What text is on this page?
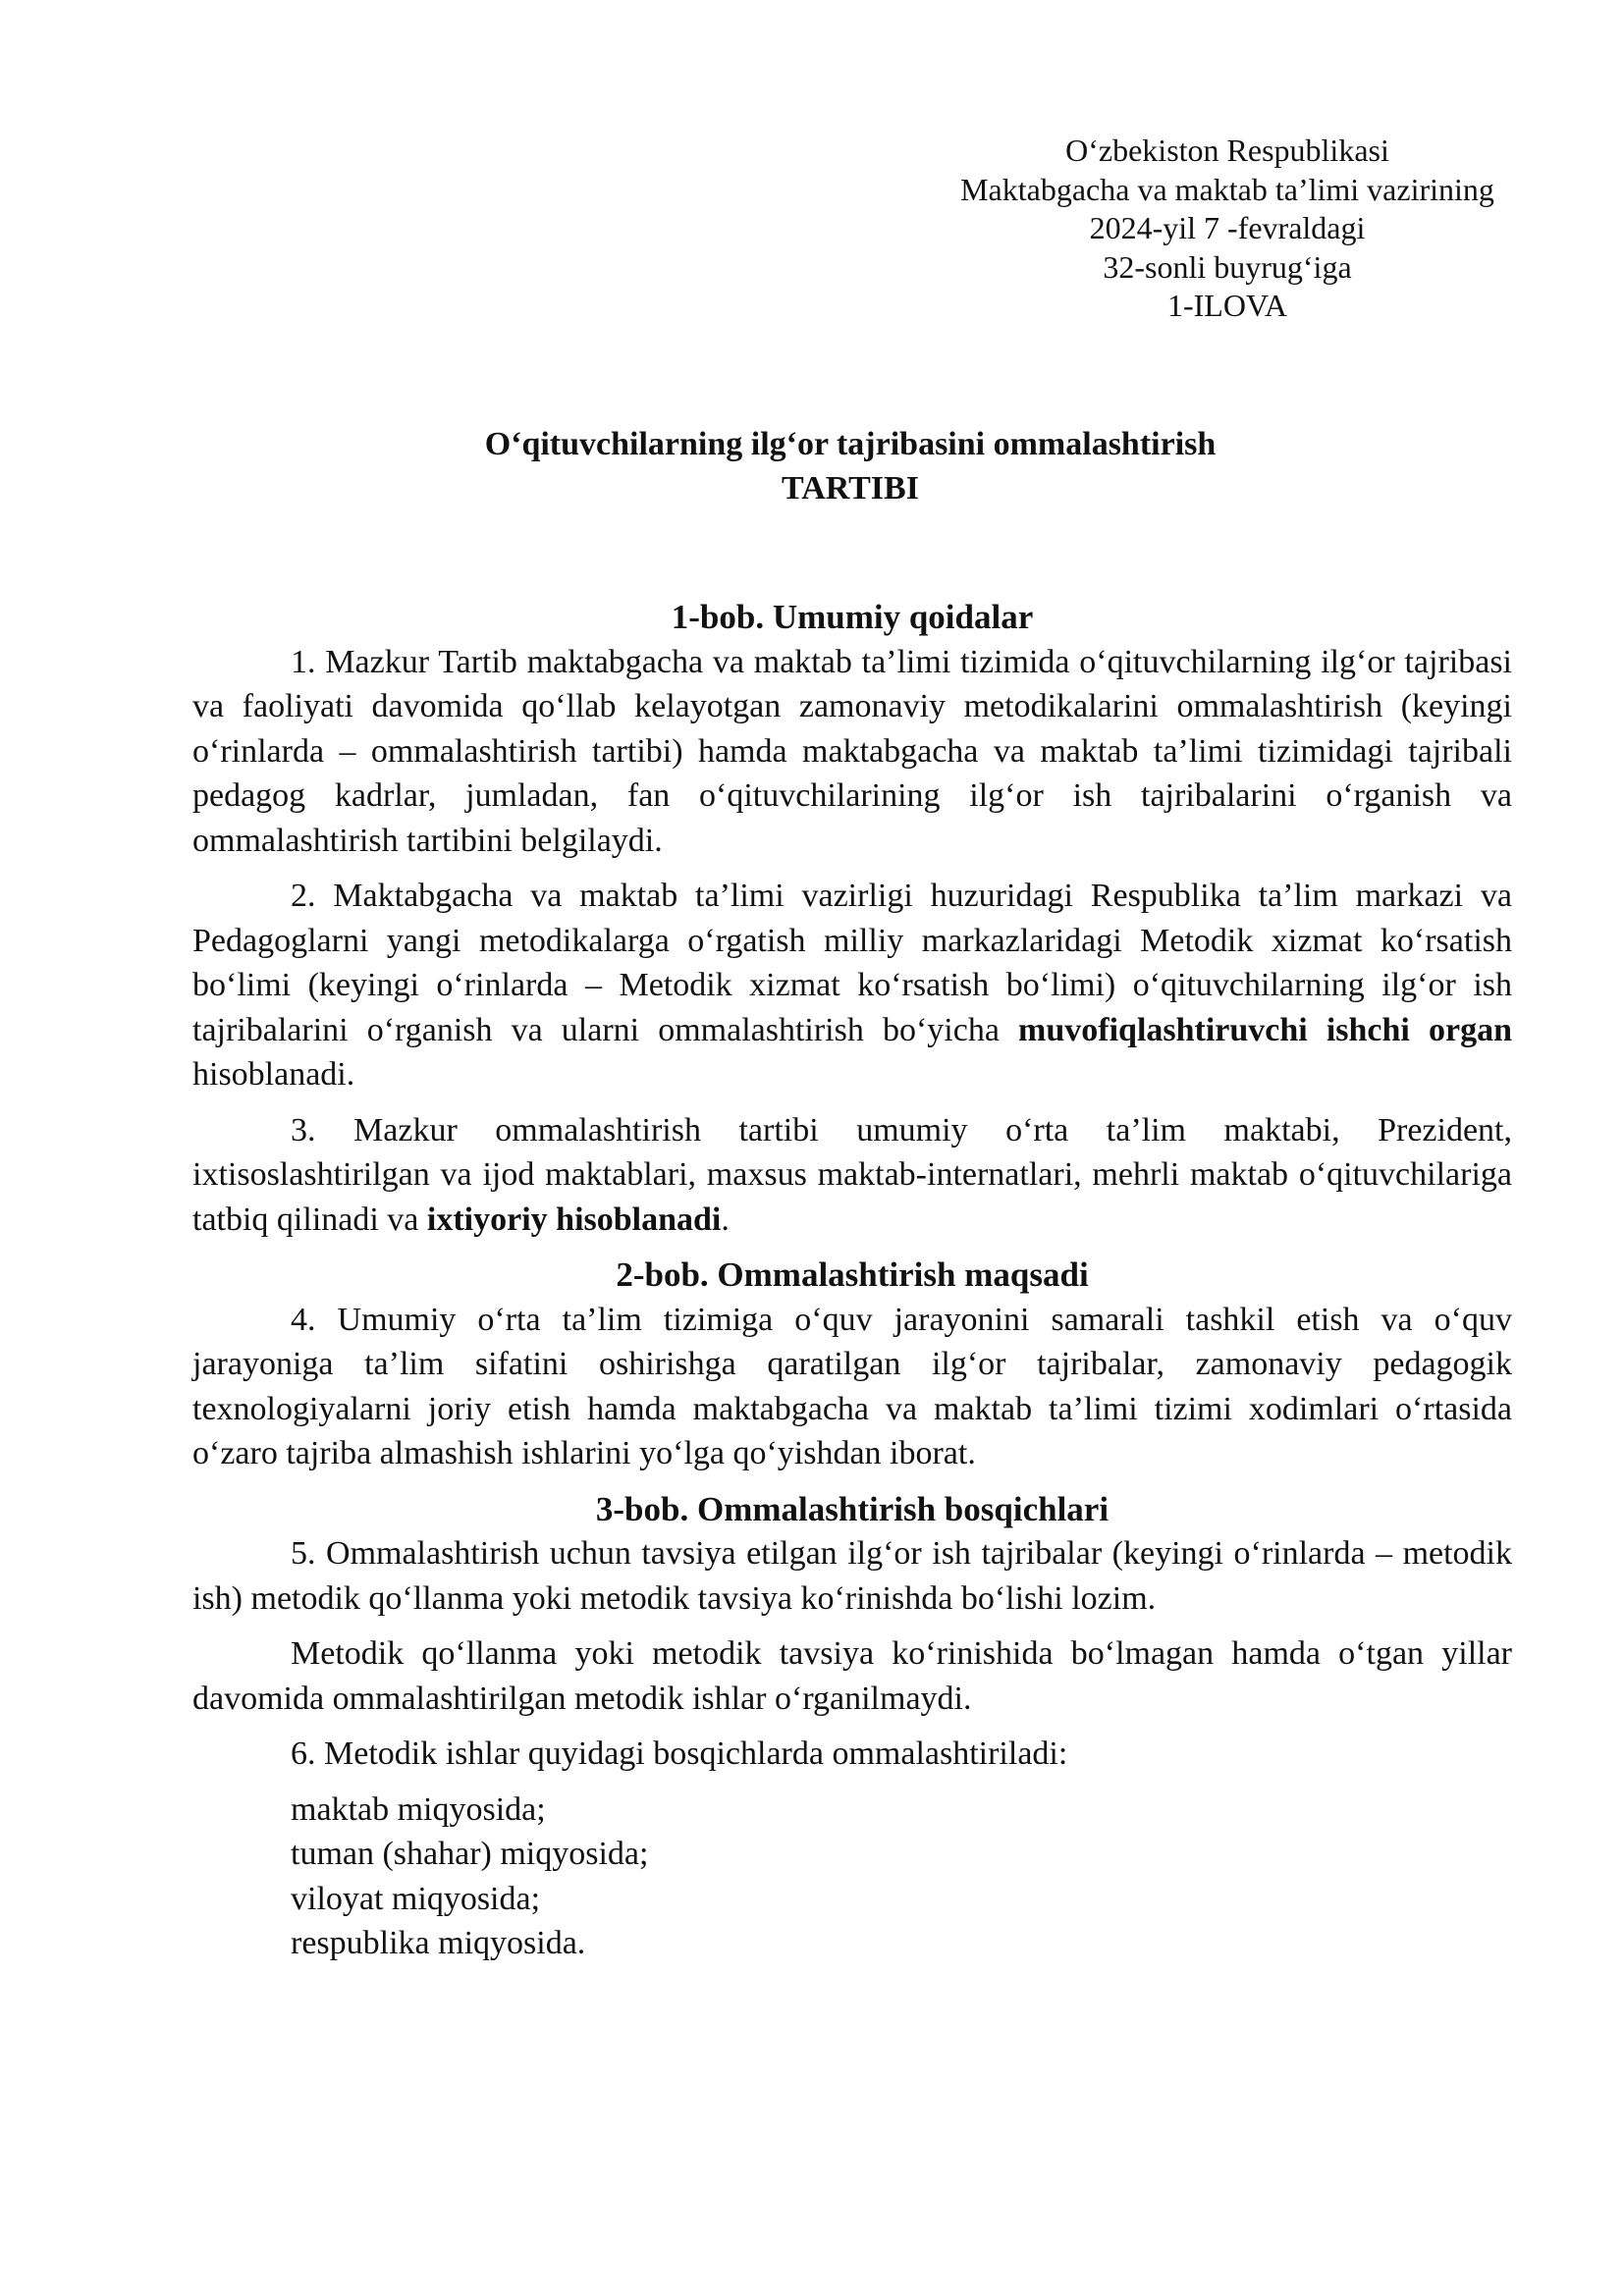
O‘zbekiston Respublikasi
Maktabgacha va maktab ta’limi vazirining
2024-yil 7 -fevraldagi
32-sonli buyrug‘iga
1-ILOVA
O‘qituvchilarning ilg‘or tajribasini ommalashtirish
TARTIBI

1-bob. Umumiy qoidalar

1. Mazkur Tartib maktabgacha va maktab ta’limi tizimida o‘qituvchilarning ilg‘or tajribasi va faoliyati davomida qo‘llab kelayotgan zamonaviy metodikalarini ommalashtirish (keyingi o‘rinlarda – ommalashtirish tartibi) hamda maktabgacha va maktab ta’limi tizimidagi tajribali pedagog kadrlar, jumladan, fan o‘qituvchilarining ilg‘or ish tajribalarini o‘rganish va ommalashtirish tartibini belgilaydi.

2. Maktabgacha va maktab ta’limi vazirligi huzuridagi Respublika ta’lim markazi va Pedagoglarni yangi metodikalarga o‘rgatish milliy markazlaridagi Metodik xizmat ko‘rsatish bo‘limi (keyingi o‘rinlarda – Metodik xizmat ko‘rsatish bo‘limi) o‘qituvchilarning ilg‘or ish tajribalarini o‘rganish va ularni ommalashtirish bo‘yicha muvofiqlashtiruvchi ishchi organ hisoblanadi.

3. Mazkur ommalashtirish tartibi umumiy o‘rta ta’lim maktabi, Prezident, ixtisoslashtirilgan va ijod maktablari, maxsus maktab-internatlari, mehrli maktab o‘qituvchilariga tatbiq qilinadi va ixtiyoriy hisoblanadi.

2-bob. Ommalashtirish maqsadi

4. Umumiy o‘rta ta’lim tizimiga o‘quv jarayonini samarali tashkil etish va o‘quv jarayoniga ta’lim sifatini oshirishga qaratilgan ilg‘or tajribalar, zamonaviy pedagogik texnologiyalarni joriy etish hamda maktabgacha va maktab ta’limi tizimi xodimlari o‘rtasida o‘zaro tajriba almashish ishlarini yo‘lga qo‘yishdan iborat.

3-bob. Ommalashtirish bosqichlari

5. Ommalashtirish uchun tavsiya etilgan ilg‘or ish tajribalar (keyingi o‘rinlarda – metodik ish) metodik qo‘llanma yoki metodik tavsiya ko‘rinishda bo‘lishi lozim.

Metodik qo‘llanma yoki metodik tavsiya ko‘rinishida bo‘lmagan hamda o‘tgan yillar davomida ommalashtirilgan metodik ishlar o‘rganilmaydi.

6. Metodik ishlar quyidagi bosqichlarda ommalashtiriladi:

maktab miqyosida;
tuman (shahar) miqyosida;
viloyat miqyosida;
respublika miqyosida.
